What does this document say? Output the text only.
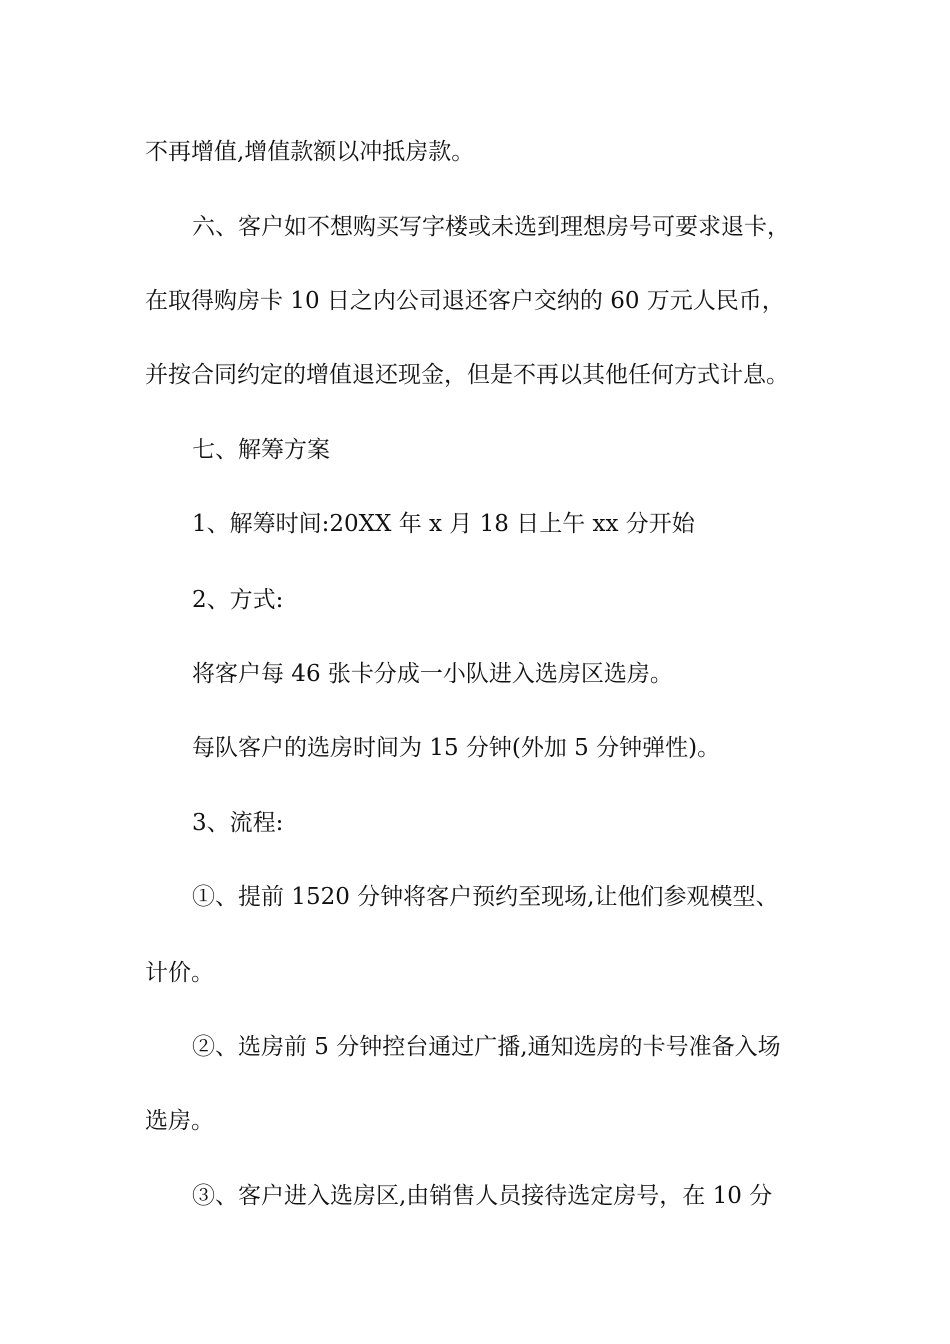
不再增值,增值款额以冲抵房款。
六、客户如不想购买写字楼或未选到理想房号可要求退卡，
在取得购房卡 10 日之内公司退还客户交纳的 60 万元人民币，
并按合同约定的增值退还现金，但是不再以其他任何方式计息。
七、解筹方案
1、解筹时间:20XX 年 x 月 18 日上午 xx 分开始
2、方式:
将客户每 46 张卡分成一小队进入选房区选房。
每队客户的选房时间为 15 分钟(外加 5 分钟弹性)。
3、流程:
①、提前 1520 分钟将客户预约至现场,让他们参观模型、
计价。
②、选房前 5 分钟控台通过广播,通知选房的卡号准备入场
选房。
③、客户进入选房区,由销售人员接待选定房号，在 10 分
